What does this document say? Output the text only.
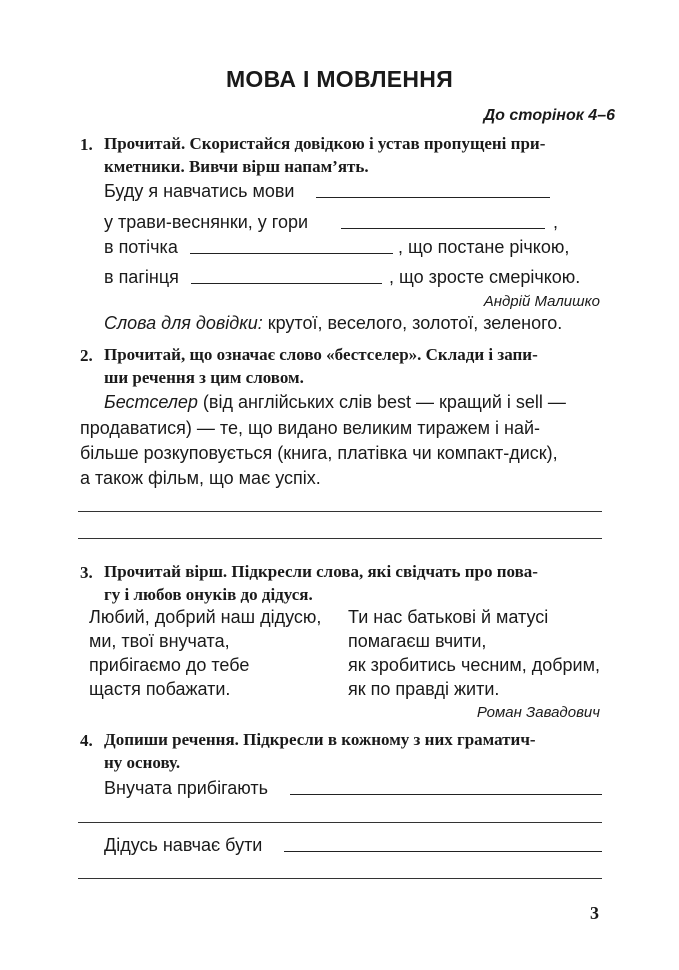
МОВА І МОВЛЕННЯ
До сторінок 4–6
1. Прочитай. Скористайся довідкою і устав пропущені при-
кметники. Вивчи вірш напам’ять.
Буду я навчатись мови
у трави-веснянки, у гори	,
в потічка	, що постане річкою,
в пагінця	, що зросте смерічкою.
Андрій Малишко
Слова для довідки: крутої, веселого, золотої, зеленого.
2. Прочитай, що означає слово «бестселер». Склади і запи-
ши речення з цим словом.
Бестселер (від англійських слів best — кращий і sell —
продаватися) — те, що видано великим тиражем і най-
більше розкуповується (книга, платівка чи компакт-диск),
а також фільм, що має успіх.
3. Прочитай вірш. Підкресли слова, які свідчать про пова-
гу і любов онуків до дідуся.
Любий, добрий наш дідусю,
ми, твої внучата,
прибігаємо до тебе
щастя побажати.
Ти нас батькові й матусі
помагаєш вчити,
як зробитись чесним, добрим,
як по правді жити.
Роман Завадович
4. Допиши речення. Підкресли в кожному з них граматич-
ну основу.
Внучата прибігають
Дідусь навчає бути
3
